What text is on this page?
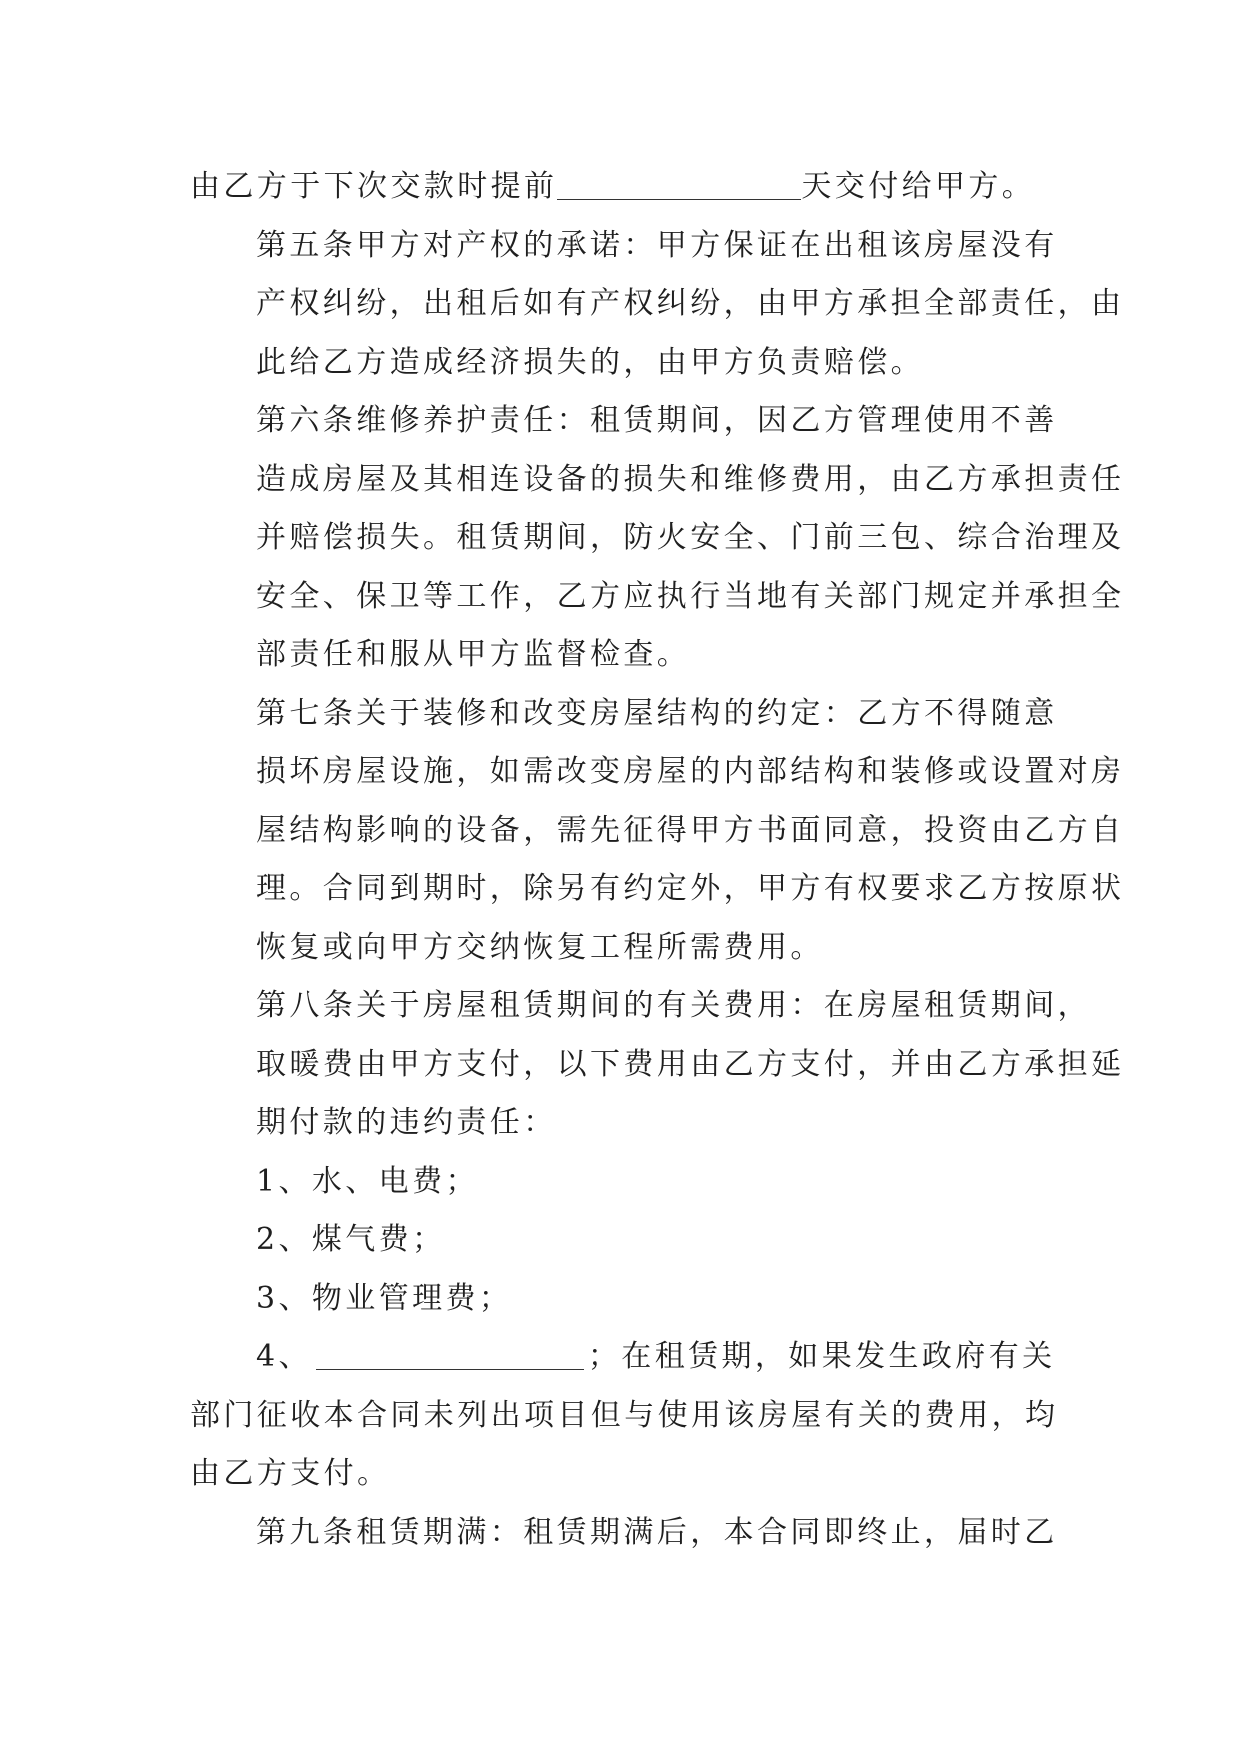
由乙方于下次交款时提前	天交付给甲方。

第五条甲方对产权的承诺：甲方保证在出租该房屋没有
产权纠纷，出租后如有产权纠纷，由甲方承担全部责任，由
此给乙方造成经济损失的，由甲方负责赔偿。

第六条维修养护责任：租赁期间，因乙方管理使用不善
造成房屋及其相连设备的损失和维修费用，由乙方承担责任
并赔偿损失。租赁期间，防火安全、门前三包、综合治理及
安全、保卫等工作，乙方应执行当地有关部门规定并承担全
部责任和服从甲方监督检查。

第七条关于装修和改变房屋结构的约定：乙方不得随意
损坏房屋设施，如需改变房屋的内部结构和装修或设置对房
屋结构影响的设备，需先征得甲方书面同意，投资由乙方自
理。合同到期时，除另有约定外，甲方有权要求乙方按原状
恢复或向甲方交纳恢复工程所需费用。

第八条关于房屋租赁期间的有关费用：在房屋租赁期间，
取暖费由甲方支付，以下费用由乙方支付，并由乙方承担延
期付款的违约责任：

1、水、电费；

2、煤气费；

3、物业管理费；

4、	；在租赁期，如果发生政府有关

部门征收本合同未列出项目但与使用该房屋有关的费用，均
由乙方支付。

第九条租赁期满：租赁期满后，本合同即终止，届时乙
